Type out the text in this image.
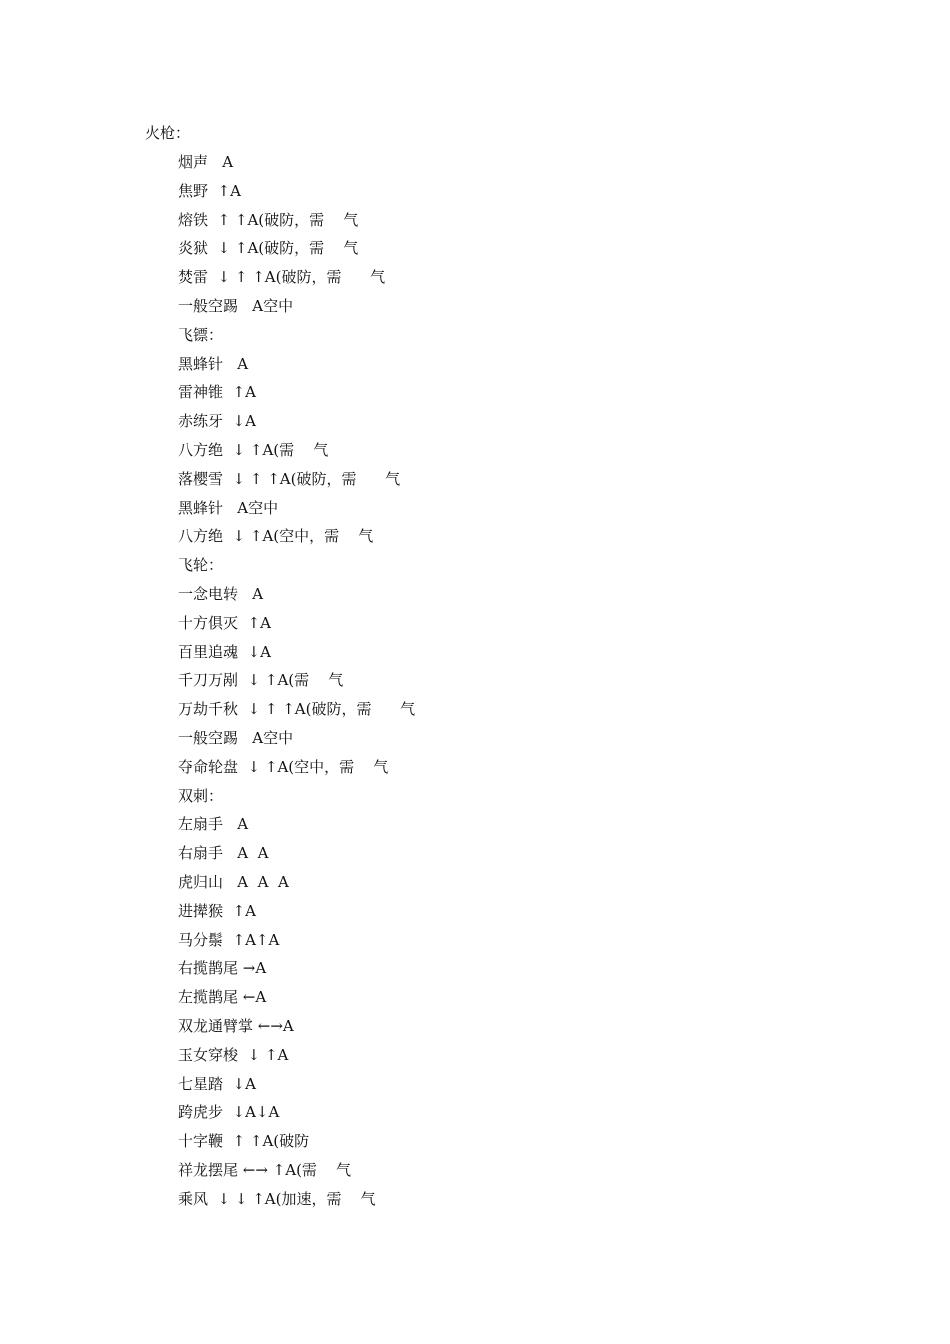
火枪：
烟声   A
焦野  ↑A
熔铁  ↑ ↑A(破防，需    气
炎狱  ↓ ↑A(破防，需    气
焚雷  ↓ ↑ ↑A(破防，需      气
一般空踢   A空中
飞镖：
黑蜂针   A
雷神锥  ↑A
赤练牙  ↓A
八方绝  ↓ ↑A(需    气
落樱雪  ↓ ↑ ↑A(破防，需      气
黑蜂针   A空中
八方绝  ↓ ↑A(空中，需    气
飞轮：
一念电转   A
十方俱灭  ↑A
百里追魂  ↓A
千刀万剐  ↓ ↑A(需    气
万劫千秋  ↓ ↑ ↑A(破防，需      气
一般空踢   A空中
夺命轮盘  ↓ ↑A(空中，需    气
双刺：
左扇手   A
右扇手   A  A
虎归山   A  A  A
进撵猴  ↑A
马分鬃  ↑A↑A
右揽鹊尾 →A
左揽鹊尾 ←A
双龙通臂掌 ←→A
玉女穿梭  ↓ ↑A
七星踏  ↓A
跨虎步  ↓A↓A
十字鞭  ↑ ↑A(破防
祥龙摆尾 ←→ ↑A(需    气
乘风  ↓ ↓ ↑A(加速，需    气
